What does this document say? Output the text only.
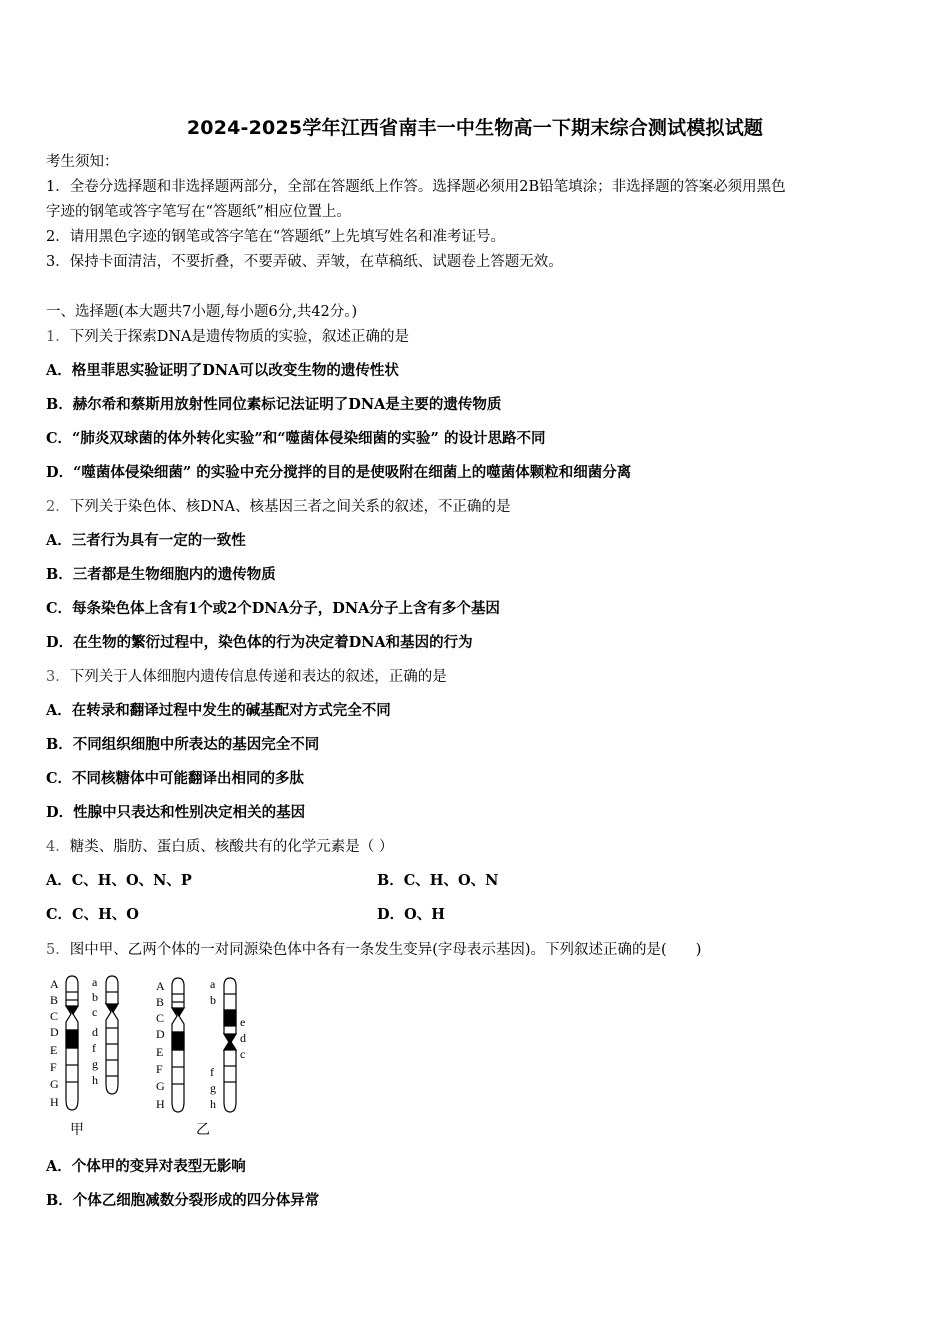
2024-2025学年江西省南丰一中生物高一下期末综合测试模拟试题
考生须知：
1．全卷分选择题和非选择题两部分，全部在答题纸上作答。选择题必须用2B铅笔填涂；非选择题的答案必须用黑色
字迹的钢笔或答字笔写在“答题纸”相应位置上。
2．请用黑色字迹的钢笔或答字笔在“答题纸”上先填写姓名和准考证号。
3．保持卡面清洁，不要折叠，不要弄破、弄皱，在草稿纸、试题卷上答题无效。
一、选择题(本大题共7小题,每小题6分,共42分。)
1．下列关于探索DNA是遗传物质的实验，叙述正确的是
A．格里菲思实验证明了DNA可以改变生物的遗传性状
B．赫尔希和蔡斯用放射性同位素标记法证明了DNA是主要的遗传物质
C．“肺炎双球菌的体外转化实验”和“噬菌体侵染细菌的实验” 的设计思路不同
D．“噬菌体侵染细菌” 的实验中充分搅拌的目的是使吸附在细菌上的噬菌体颗粒和细菌分离
2．下列关于染色体、核DNA、核基因三者之间关系的叙述，不正确的是
A．三者行为具有一定的一致性
B．三者都是生物细胞内的遗传物质
C．每条染色体上含有1个或2个DNA分子，DNA分子上含有多个基因
D．在生物的繁衍过程中，染色体的行为决定着DNA和基因的行为
3．下列关于人体细胞内遗传信息传递和表达的叙述，正确的是
A．在转录和翻译过程中发生的碱基配对方式完全不同
B．不同组织细胞中所表达的基因完全不同
C．不同核糖体中可能翻译出相同的多肽
D．性腺中只表达和性别决定相关的基因
4．糖类、脂肪、蛋白质、核酸共有的化学元素是（ ）
A．C、H、O、N、P	B．C、H、O、N
C．C、H、O	D．O、H
5．图中甲、乙两个体的一对同源染色体中各有一条发生变异(字母表示基因)。下列叙述正确的是(　　)
A
B
C
D
E
F
G
H
a
b
c
d
f
g
h
甲
A
B
C
D
E
F
G
H
a
b
e
d
c
f
g
h
乙
A．个体甲的变异对表型无影响
B．个体乙细胞减数分裂形成的四分体异常
